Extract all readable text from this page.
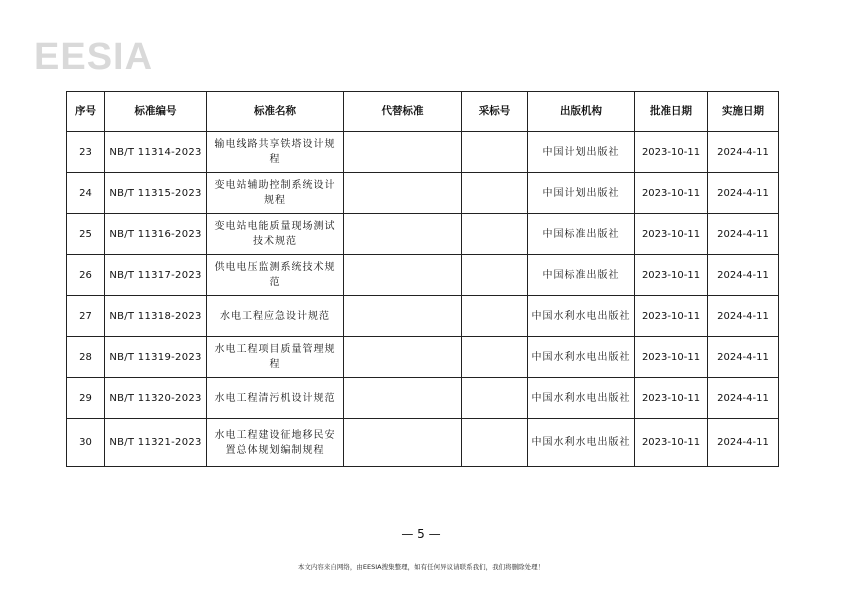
EESIA
序号	标准编号	标准名称	代替标准	采标号	出版机构	批准日期	实施日期
23	NB/T 11314-2023	输电线路共享铁塔设计规程			中国计划出版社	2023-10-11	2024-4-11
24	NB/T 11315-2023	变电站辅助控制系统设计规程			中国计划出版社	2023-10-11	2024-4-11
25	NB/T 11316-2023	变电站电能质量现场测试技术规范			中国标准出版社	2023-10-11	2024-4-11
26	NB/T 11317-2023	供电电压监测系统技术规范			中国标准出版社	2023-10-11	2024-4-11
27	NB/T 11318-2023	水电工程应急设计规范			中国水利水电出版社	2023-10-11	2024-4-11
28	NB/T 11319-2023	水电工程项目质量管理规程			中国水利水电出版社	2023-10-11	2024-4-11
29	NB/T 11320-2023	水电工程清污机设计规范			中国水利水电出版社	2023-10-11	2024-4-11
30	NB/T 11321-2023	水电工程建设征地移民安置总体规划编制规程			中国水利水电出版社	2023-10-11	2024-4-11
— 5 —
本文内容来自网络，由EESIA搜集整理，如有任何异议请联系我们，我们将删除处理！
